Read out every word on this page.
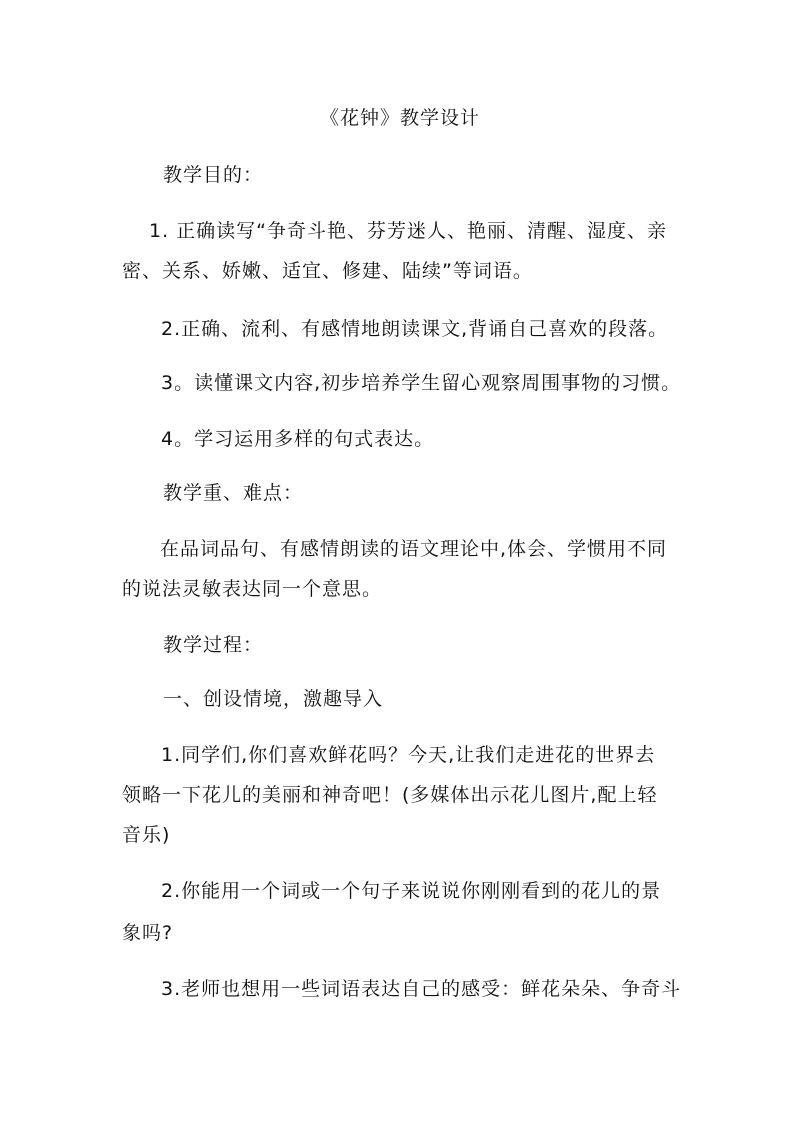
《花钟》教学设计
教学目的：
1. 正确读写“争奇斗艳、芬芳迷人、艳丽、清醒、湿度、亲
密、关系、娇嫩、适宜、修建、陆续”等词语。
2.正确、流利、有感情地朗读课文,背诵自己喜欢的段落。
3。读懂课文内容,初步培养学生留心观察周围事物的习惯。
4。学习运用多样的句式表达。
教学重、难点：
在品词品句、有感情朗读的语文理论中,体会、学惯用不同
的说法灵敏表达同一个意思。
教学过程：
一、创设情境，激趣导入
1.同学们,你们喜欢鲜花吗？今天,让我们走进花的世界去
领略一下花儿的美丽和神奇吧！(多媒体出示花儿图片,配上轻
音乐)
2.你能用一个词或一个句子来说说你刚刚看到的花儿的景
象吗?
3.老师也想用一些词语表达自己的感受：鲜花朵朵、争奇斗
